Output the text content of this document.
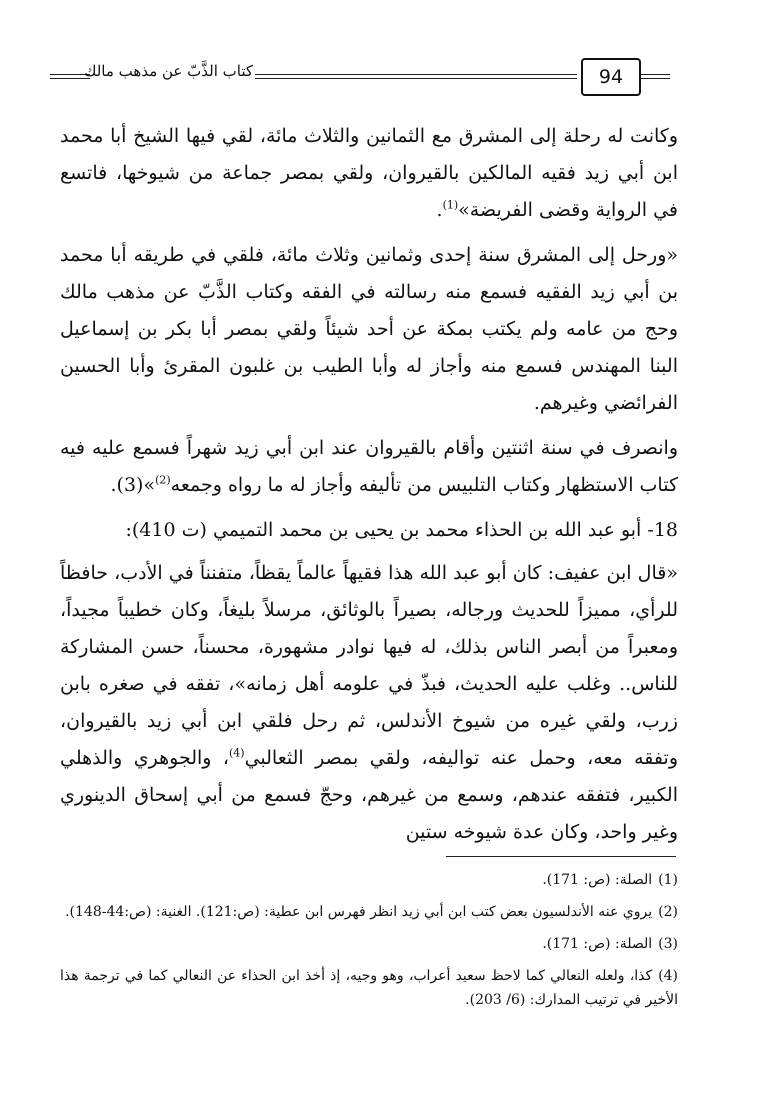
كتاب الذَّبّ عن مذهب مالك	94

وكانت له رحلة إلى المشرق مع الثمانين والثلاث مائة، لقي فيها الشيخ أبا محمد ابن أبي زيد فقيه المالكين بالقيروان، ولقي بمصر جماعة من شيوخها، فاتسع في الرواية وقضى الفريضة»$^{(1)}$.

«ورحل إلى المشرق سنة إحدى وثمانين وثلاث مائة، فلقي في طريقه أبا محمد بن أبي زيد الفقيه فسمع منه رسالته في الفقه وكتاب الذَّبّ عن مذهب مالك وحج من عامه ولم يكتب بمكة عن أحد شيئاً ولقي بمصر أبا بكر بن إسماعيل البنا المهندس فسمع منه وأجاز له وأبا الطيب بن غلبون المقرئ وأبا الحسين الفرائضي وغيرهم.

وانصرف في سنة اثنتين وأقام بالقيروان عند ابن أبي زيد شهراً فسمع عليه فيه كتاب الاستظهار وكتاب التلبيس من تأليفه وأجاز له ما رواه وجمعه$^{(2)}$»(3).

18- أبو عبد الله بن الحذاء محمد بن يحيى بن محمد التميمي (ت 410):

«قال ابن عفيف: كان أبو عبد الله هذا فقيهاً عالماً يقظاً، متفنناً في الأدب، حافظاً للرأي، مميزاً للحديث ورجاله، بصيراً بالوثائق، مرسلاً بليغاً، وكان خطيباً مجيداً، ومعبراً من أبصر الناس بذلك، له فيها نوادر مشهورة، محسناً، حسن المشاركة للناس.. وغلب عليه الحديث، فبذّ في علومه أهل زمانه»، تفقه في صغره بابن زرب، ولقي غيره من شيوخ الأندلس، ثم رحل فلقي ابن أبي زيد بالقيروان، وتفقه معه، وحمل عنه تواليفه، ولقي بمصر الثعالبي$^{(4)}$، والجوهري والذهلي الكبير، فتفقه عندهم، وسمع من غيرهم، وحجّ فسمع من أبي إسحاق الدينوري وغير واحد، وكان عدة شيوخه ستين

(1)الصلة: (ص: 171).

(2)يروي عنه الأندلسيون بعض كتب ابن أبي زيد انظر فهرس ابن عطية: (ص:121). الغنية: (ص:44-148).

(3)الصلة: (ص: 171).

(4)كذا، ولعله النعالي كما لاحظ سعيد أعراب، وهو وجيه، إذ أخذ ابن الحذاء عن النعالي كما في ترجمة هذا الأخير في ترتيب المدارك: (6/ 203).
